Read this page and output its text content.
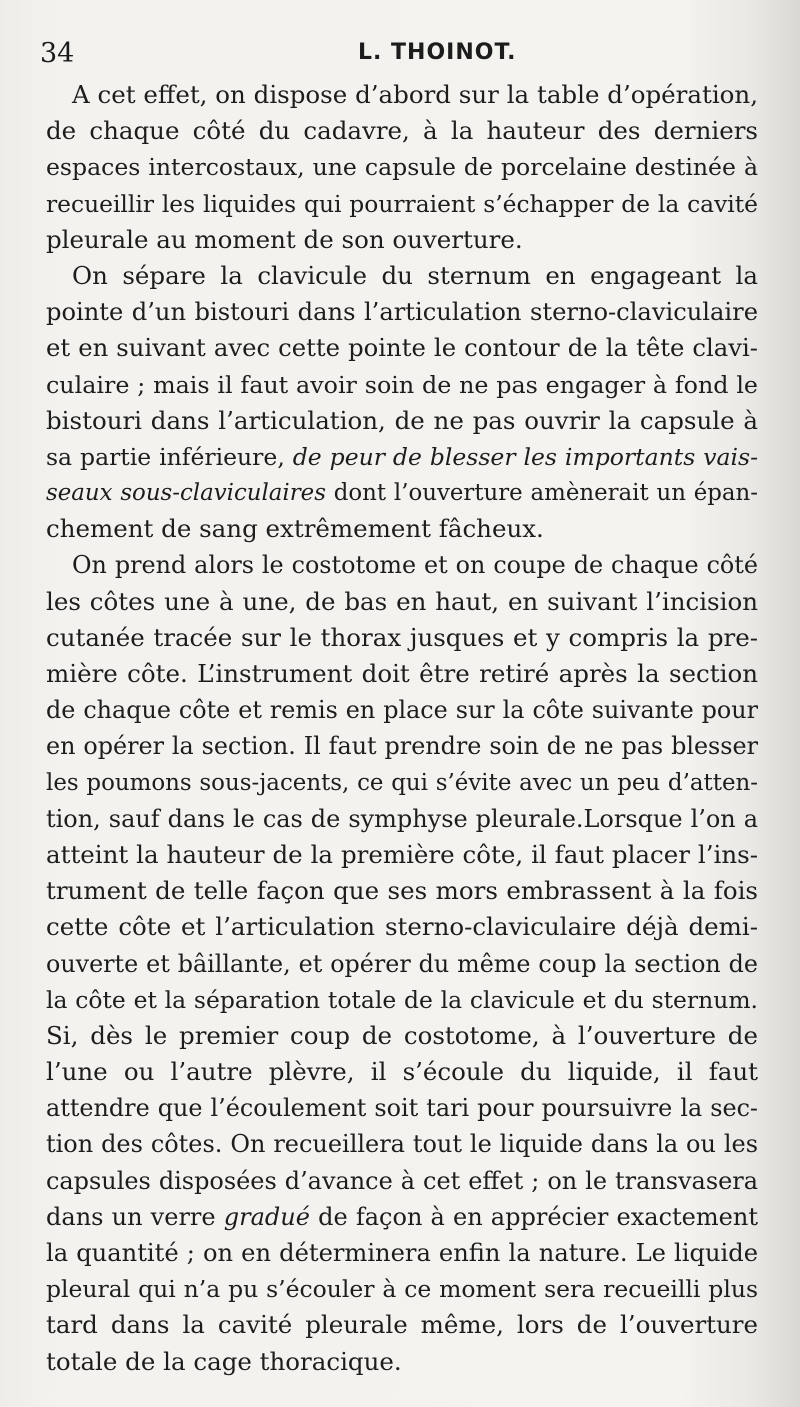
34	L. THOINOT.
A cet effet, on dispose d’abord sur la table d’opération,
de chaque côté du cadavre, à la hauteur des derniers
espaces intercostaux, une capsule de porcelaine destinée à
recueillir les liquides qui pourraient s’échapper de la cavité
pleurale au moment de son ouverture.
On sépare la clavicule du sternum en engageant la
pointe d’un bistouri dans l’articulation sterno-claviculaire
et en suivant avec cette pointe le contour de la tête clavi-
culaire ; mais il faut avoir soin de ne pas engager à fond le
bistouri dans l’articulation, de ne pas ouvrir la capsule à
sa partie inférieure, de peur de blesser les importants vais-
seaux sous-claviculaires dont l’ouverture amènerait un épan-
chement de sang extrêmement fâcheux.
On prend alors le costotome et on coupe de chaque côté
les côtes une à une, de bas en haut, en suivant l’incision
cutanée tracée sur le thorax jusques et y compris la pre-
mière côte. L’instrument doit être retiré après la section
de chaque côte et remis en place sur la côte suivante pour
en opérer la section. Il faut prendre soin de ne pas blesser
les poumons sous-jacents, ce qui s’évite avec un peu d’atten-
tion, sauf dans le cas de symphyse pleurale.Lorsque l’on a
atteint la hauteur de la première côte, il faut placer l’ins-
trument de telle façon que ses mors embrassent à la fois
cette côte et l’articulation sterno-claviculaire déjà demi-
ouverte et bâillante, et opérer du même coup la section de
la côte et la séparation totale de la clavicule et du sternum.
Si, dès le premier coup de costotome, à l’ouverture de
l’une ou l’autre plèvre, il s’écoule du liquide, il faut
attendre que l’écoulement soit tari pour poursuivre la sec-
tion des côtes. On recueillera tout le liquide dans la ou les
capsules disposées d’avance à cet effet ; on le transvasera
dans un verre gradué de façon à en apprécier exactement
la quantité ; on en déterminera enfin la nature. Le liquide
pleural qui n’a pu s’écouler à ce moment sera recueilli plus
tard dans la cavité pleurale même, lors de l’ouverture
totale de la cage thoracique.
